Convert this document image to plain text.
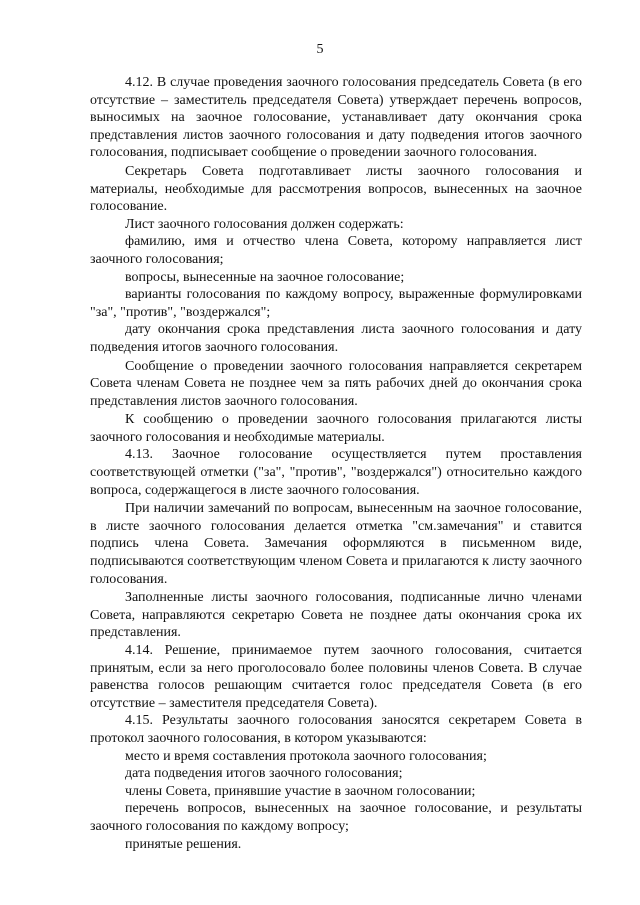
5

4.12. В случае проведения заочного голосования председатель Совета (в его отсутствие – заместитель председателя Совета) утверждает перечень вопросов, выносимых на заочное голосование, устанавливает дату окончания срока представления листов заочного голосования и дату подведения итогов заочного голосования, подписывает сообщение о проведении заочного голосования.

Секретарь Совета подготавливает листы заочного голосования и материалы, необходимые для рассмотрения вопросов, вынесенных на заочное голосование.

Лист заочного голосования должен содержать:

фамилию, имя и отчество члена Совета, которому направляется лист заочного голосования;

вопросы, вынесенные на заочное голосование;

варианты голосования по каждому вопросу, выраженные формулировками "за", "против", "воздержался";

дату окончания срока представления листа заочного голосования и дату подведения итогов заочного голосования.

Сообщение о проведении заочного голосования направляется секретарем Совета членам Совета не позднее чем за пять рабочих дней до окончания срока представления листов заочного голосования.

К сообщению о проведении заочного голосования прилагаются листы заочного голосования и необходимые материалы.

4.13. Заочное голосование осуществляется путем проставления соответствующей отметки ("за", "против", "воздержался") относительно каждого вопроса, содержащегося в листе заочного голосования.

При наличии замечаний по вопросам, вынесенным на заочное голосование, в листе заочного голосования делается отметка "см.замечания" и ставится подпись члена Совета. Замечания оформляются в письменном виде, подписываются соответствующим членом Совета и прилагаются к листу заочного голосования.

Заполненные листы заочного голосования, подписанные лично членами Совета, направляются секретарю Совета не позднее даты окончания срока их представления.

4.14. Решение, принимаемое путем заочного голосования, считается принятым, если за него проголосовало более половины членов Совета. В случае равенства голосов решающим считается голос председателя Совета (в его отсутствие – заместителя председателя Совета).

4.15. Результаты заочного голосования заносятся секретарем Совета в протокол заочного голосования, в котором указываются:

место и время составления протокола заочного голосования;

дата подведения итогов заочного голосования;

члены Совета, принявшие участие в заочном голосовании;

перечень вопросов, вынесенных на заочное голосование, и результаты заочного голосования по каждому вопросу;

принятые решения.
